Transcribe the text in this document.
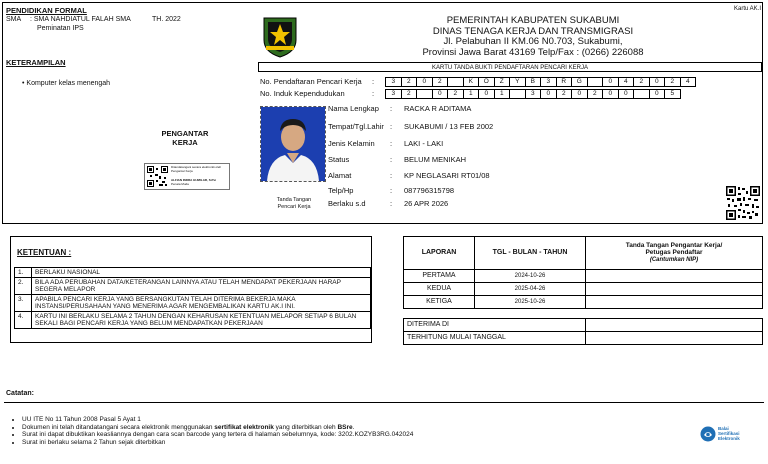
Kartu AK.I
PENDIDIKAN FORMAL
SMA : SMA NAHDIATUL FALAH SMA	TH. 2022
Peminatan IPS
KETERAMPILAN
• Komputer kelas menengah
PENGANTAR
KERJA
Ditandatangani secara elektronik oleh
Pengantar Kerja
ALFIAN INDRA GUMILAR, S.Psi
Penata Muda
PEMERINTAH KABUPATEN SUKABUMI
DINAS TENAGA KERJA DAN TRANSMIGRASI
Jl. Pelabuhan II KM.06 N0.703, Sukabumi,
Provinsi Jawa Barat 43169 Telp/Fax : (0266) 226088
KARTU TANDA BUKTI PENDAFTARAN PENCARI KERJA
No. Pendaftaran Pencari Kerja :	3	2	0	2	K	O	Z	Y	B	3	R	G	0	4	2	0	2	4
No. Induk Kependudukan	:	3	2	0	2	1	0	1	3	0	2	0	2	0	0	0	5
Tanda Tangan
Pencari Kerja
Nama Lengkap	: RACKA R ADITAMA
Tempat/Tgl.Lahir : SUKABUMI / 13 FEB 2002
Jenis Kelamin	: LAKI - LAKI
Status	: BELUM MENIKAH
Alamat	: KP NEGLASARI RT01/08
Telp/Hp	: 087796315798
Berlaku s.d	: 26 APR 2026
KETENTUAN :
1.	BERLAKU NASIONAL
2.	BILA ADA PERUBAHAN DATA/KETERANGAN LAINNYA ATAU TELAH MENDAPAT PEKERJAAN HARAP SEGERA MELAPOR
3.	APABILA PENCARI KERJA YANG BERSANGKUTAN TELAH DITERIMA BEKERJA MAKA INSTANSI/PERUSAHAAN YANG MENERIMA AGAR MENGEMBALIKAN KARTU AK.I INI.
4.	KARTU INI BERLAKU SELAMA 2 TAHUN DENGAN KEHARUSAN KETENTUAN MELAPOR SETIAP 6 BULAN SEKALI BAGI PENCARI KERJA YANG BELUM MENDAPATKAN PEKERJAAN
LAPORAN	TGL - BULAN - TAHUN	Tanda Tangan Pengantar Kerja/
Petugas Pendaftar
(Cantumkan NIP)

PERTAMA	2024-10-26	
KEDUA	2025-04-26	
KETIGA	2025-10-26	

DITERIMA DI		
TERHITUNG MULAI TANGGAL		
Catatan:
• UU ITE No 11 Tahun 2008 Pasal 5 Ayat 1
• Dokumen ini telah ditandatangani secara elektronik menggunakan sertifikat elektronik yang diterbitkan oleh BSre.
• Surat ini dapat dibuktikan keasliannya dengan cara scan barcode yang tertera di halaman sebelumnya, kode: 3202.KOZYB3RG.042024
• Surat ini berlaku selama 2 Tahun sejak diterbitkan
Balai
Sertifikasi
Elektronik
